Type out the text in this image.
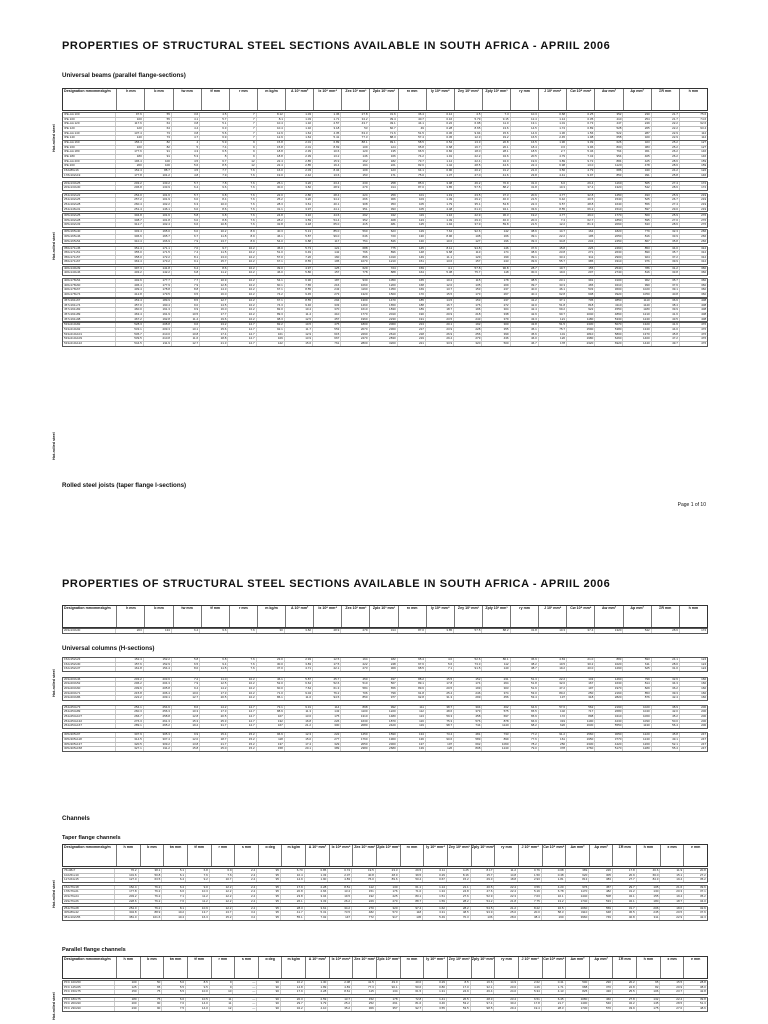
PROPERTIES OF STRUCTURAL STEEL SECTIONS AVAILABLE IN SOUTH AFRICA - APRIIL 2006
Universal beams (parallel flange-sections)
Designation mmxmmxkg/m	h mm	b mm	tw mm	tf mm	r mm	m kg/m	A 10³ mm²	Ix 10⁶ mm⁴	Zex 10³ mm³	Zplx 10³ mm³	rx mm	Iy 10⁶ mm⁴	Zey 10³ mm³	Zply 10³ mm³	ry mm	J 10³ mm⁴	Cw 10⁹ mm⁶	Aw mm²	Ap mm²	ΣR mm	h mm
IPE-AA 100	97.6	55	3.6	4.5	7	8.12	1.03	1.36	27.8	31.6	36.4	0.12	4.5	7.3	10.3	0.68	0.25	352	230	21.7	75.6
IPE 100	100	55	4.1	5.7	7	8.1	1.03	1.71	34.2	39.4	40.7	0.16	5.79	9.15	12.4	1.14	0.35	410	254	21.7	74.6
IPE-AA 120	117.6	64	3.8	5.1	7	10.4	1.32	2.57	43.7	49.1	44.1	0.22	6.98	11.0	13.1	1.01	0.73	447	249	22.2	92.6
IPE 120	120	64	4.4	6.3	7	10.4	1.32	3.18	53	60.7	49	0.28	8.65	13.6	14.5	1.74	0.89	528	265	22.2	93.4
IPE-AA 140	137.4	73	3.8	5.6	7	12.9	1.64	4.35	63.3	71.6	51.5	0.36	9.94	15.6	14.9	1.36	1.56	522	287	22.9	112
IPE 140	140	73	4.7	6.9	7	12.9	1.64	5.41	77.3	88.3	57.4	0.45	12.3	19.2	16.5	2.45	1.98	658	320	22.9	112
IPE-AA 160	156.4	82	4	5.9	9	15.8	2.01	6.89	88.1	99.1	58.5	0.54	13.3	20.8	16.5	1.96	3.09	626	323	25.2	127
IPE 160	160	82	5	7.4	9	15.8	2.01	8.69	109	124	65.8	0.68	16.7	26.1	18.4	3.6	3.96	800	383	25.2	127
IPE-AA 180	177.6	91	4.3	6.5	9	18.8	2.39	10.6	120	135	66.5	0.82	18.0	28.1	18.5	2.7	5.46	764	361	26.2	146
IPE 180	180	91	5.3	8	9	18.8	2.39	13.2	146	166	74.2	1.01	22.2	34.6	20.5	4.79	7.43	954	405	26.2	146
IPE-AA 200	196.4	100	4.5	6.7	12	22.4	2.85	15.9	162	182	73.7	1.12	22.4	34.9	19.9	3.89	9.72	884	425	28.6	159
IPE 200	200	100	5.6	8.5	12	22.4	2.85	19.4	194	221	82.6	1.42	28.5	44.6	22.4	6.98	13.0	1120	478	28.6	159
152x89x16	152.4	88.7	4.5	7.7	7.6	16.0	2.03	8.34	109	123	64.1	0.90	20.2	31.2	21.0	3.56	4.79	686	340	24.2	122
178x102x19	177.8	101.2	4.8	7.9	7.6	19.0	2.42	13.6	153	171	75.0	1.37	27.0	41.6	23.8	4.41	9.97	853	391	25.8	146
203x133x25	203.2	133.2	5.7	7.8	7.6	25.1	3.20	23.4	230	258	85.6	3.08	46.2	70.9	31.0	6.0	29.4	1160	505	27.4	172
203x133x30	206.8	133.9	6.4	9.6	7.6	30.0	3.82	28.9	279	314	87.0	3.85	57.5	88.2	31.8	10.3	37.4	1320	542	28.6	172
254x102x22	254.0	101.6	5.7	6.8	7.6	22.0	2.80	28.4	224	259	101	1.19	23.5	37.3	20.6	4.77	32.8	1450	493	25.9	219
254x102x25	257.2	101.9	6.0	8.4	7.6	25.2	3.20	34.2	266	306	103	1.49	29.2	46.0	21.5	6.42	40.5	1540	525	26.7	219
254x102x28	260.4	102.2	6.3	10.0	7.6	28.3	3.61	40.1	308	353	105	1.79	35.1	54.8	22.3	9.57	48.8	1640	556	27.4	219
254x146x31	251.4	146.1	6.0	8.6	7.6	31.1	3.97	44.1	351	393	105	4.48	61.3	94.1	33.6	8.55	66.2	1510	597	29.0	219
305x102x25	304.8	101.6	5.8	6.8	7.6	24.8	3.16	44.6	292	342	119	1.16	22.9	36.3	19.2	4.77	49.0	1770	560	25.9	276
305x102x28	308.7	101.8	6.0	8.8	7.6	28.2	3.59	54.4	352	408	123	1.49	29.3	46.0	20.3	7.4	62.7	1850	595	27.0	276
305x102x33	312.7	102.4	6.6	10.8	7.6	32.8	4.18	65.0	415	481	125	1.94	37.9	59.8	21.5	12.2	81.3	2060	633	28.6	276
305x165x40	303.4	165.0	6.0	10.2	8.9	40.3	5.13	85.0	560	623	129	7.64	92.6	142	38.6	14.7	164	1820	779	32.3	266
305x165x46	306.6	165.7	6.7	11.8	8.9	46.1	5.87	99.0	646	720	130	8.96	108	166	39.1	22.2	195	2050	816	33.9	266
305x165x54	310.4	166.9	7.9	13.7	8.9	54.0	6.88	117	754	846	130	10.6	127	196	39.3	34.8	234	2450	867	35.8	266
356x171x45	351.4	171.1	7.0	9.7	10.2	45.0	5.73	121	688	775	145	8.11	94.8	146	37.6	15.8	226	2460	853	34.0	312
356x171x51	355.0	171.5	7.4	11.5	10.2	51.0	6.49	142	796	896	148	9.68	113	174	38.6	23.8	271	2630	890	35.7	312
356x171x57	358.0	172.2	8.1	13.0	10.2	57.0	7.26	160	896	1010	149	11.1	129	199	39.1	33.4	311	2900	924	37.2	312
356x171x67	363.4	173.2	9.1	15.7	10.2	67.1	8.55	195	1070	1210	151	13.6	157	243	39.9	55.7	385	3310	976	39.9	312
406x140x39	397.3	141.8	6.4	8.6	10.2	39.0	4.97	125	629	724	159	4.1	57.8	90.8	28.7	10.7	155	2540	786	31.2	360
406x140x46	403.2	142.2	6.8	11.2	10.2	46.0	5.86	157	778	888	164	5.38	75.7	118	30.3	19.0	207	2740	816	33.8	360
406x178x54	402.6	177.7	7.7	10.9	10.2	54.1	6.90	187	930	1050	165	10.2	115	178	38.5	23.1	391	3100	962	35.7	360
406x178x60	406.4	177.9	7.9	12.8	10.2	60.1	7.65	216	1060	1200	168	12.0	135	209	39.7	33.3	465	3210	990	37.6	360
406x178x67	409.4	178.8	8.8	14.3	10.2	67.1	8.55	243	1190	1350	169	13.7	153	237	40.0	46.1	533	3600	1020	39.1	360
406x178x74	412.8	179.5	9.5	16.0	10.2	74.2	9.45	273	1320	1500	170	15.5	173	267	40.4	62.8	608	3920	1050	40.8	360
457x191x67	453.4	189.9	8.5	12.7	10.2	67.1	8.55	294	1300	1470	185	14.5	153	237	41.2	37.1	705	3850	1110	36.6	408
457x191x74	457.0	190.4	9.0	14.5	10.2	74.3	9.46	333	1460	1650	188	16.7	176	272	42.0	51.8	818	4110	1140	38.4	408
457x191x82	460.0	191.3	9.9	16.0	10.2	82.0	10.4	370	1610	1830	189	18.7	196	304	42.4	69.2	922	4550	1180	39.9	408
457x191x89	463.4	191.9	10.5	17.7	10.2	89.3	11.4	410	1770	2010	190	20.9	218	338	42.9	90.7	1040	4860	1210	41.6	408
457x191x98	467.2	192.8	11.4	19.6	10.2	98.3	12.5	457	1960	2230	191	23.5	243	379	43.3	121	1180	5330	1240	43.5	408
533x210x82	528.3	208.8	9.6	13.2	12.7	82.2	10.5	475	1800	2060	213	20.1	192	300	43.8	51.5	1330	5070	1320	41.6	476
533x210x92	533.1	209.3	10.1	15.6	12.7	92.1	11.7	553	2070	2360	217	23.9	228	355	45.1	75.7	1590	5380	1340	44.0	476
533x210x101	536.7	210.0	10.8	17.4	12.7	101	12.9	615	2290	2610	218	26.9	256	399	45.6	101	1810	5800	1370	45.8	476
533x210x109	539.5	210.8	11.6	18.8	12.7	109	13.9	667	2470	2830	219	29.4	279	436	46.0	126	1980	6260	1400	47.2	476
533x210x122	544.5	211.9	12.7	21.3	12.7	122	15.6	761	2800	3200	221	33.9	320	500	46.7	178	2320	6920	1440	49.7	476
Rolled steel joists (taper flange I-sections)
Page 1 of 10
Hot-rolled steel
Hot-rolled steel
Hot-rolled steel
PROPERTIES OF STRUCTURAL STEEL SECTIONS AVAILABLE IN SOUTH AFRICA - APRIIL 2006
Designation mmxmmxkg/m	h mm	b mm	tw mm	tf mm	r mm	m kg/m	A 10³ mm²	Ix 10⁶ mm⁴	Zex 10³ mm³	Zplx 10³ mm³	rx mm	Iy 10⁶ mm⁴	Zey 10³ mm³	Zply 10³ mm³	ry mm	J 10³ mm⁴	Cw 10⁹ mm⁶	Aw mm²	Ap mm²	ΣR mm	h mm
203x133x30	203	134	6.4	9.6	7.6	30	3.82	28.9	279	314	87.0	3.85	57.5	88.2	31.8	10.3	37.4	1320	542	28.6	172
Universal columns (H-sections)
152x152x23	152.4	152.2	5.8	6.8	7.6	23.0	2.93	12.5	164	182	65.4	4.0	52.6	80.1	36.9	4.63	21.0	883	593	24.1	124
152x152x30	157.6	152.9	6.5	9.4	7.6	30.0	3.83	17.5	222	248	67.6	5.6	73.3	112	38.2	10.5	30.2	1020	611	28.0	124
152x152x37	161.8	154.4	8.0	11.5	7.6	37.0	4.71	22.1	273	309	68.5	7.1	91.5	140	38.7	19.2	40.0	1290	625	31.0	124
203x203x46	203.2	203.6	7.2	11.0	10.2	46.1	5.87	45.7	450	497	88.2	15.5	152	231	51.3	22.2	143	1460	799	32.6	160
203x203x52	206.2	204.3	7.9	12.5	10.2	52.0	6.64	52.6	510	567	89.1	17.8	174	264	51.8	32.0	167	1630	814	34.3	160
203x203x60	209.6	205.8	9.4	14.2	10.2	60.0	7.64	61.3	584	656	89.6	20.5	199	303	51.9	47.2	197	1970	829	36.2	160
203x203x71	215.8	206.4	10.0	17.3	10.2	71.0	9.04	76.2	706	799	91.8	25.4	246	374	53.0	80.2	250	2160	853	39.3	160
203x203x86	222.2	209.1	12.7	20.5	10.2	86.1	11.0	94.5	850	977	92.8	31.3	299	456	53.4	137	318	2820	876	42.4	160
254x254x73	254.1	254.6	8.6	14.2	12.7	73.1	9.31	114	898	992	111	38.7	304	462	64.6	57.6	562	2190	1020	38.9	200
254x254x89	260.3	256.3	10.3	17.3	12.7	88.9	11.3	143	1100	1220	112	48.6	379	575	65.5	102	717	2680	1040	42.0	200
254x254x107	266.7	258.8	12.8	20.5	12.7	107	13.6	175	1310	1480	113	59.3	458	697	65.9	172	898	3410	1060	45.2	200
254x254x132	276.3	261.3	15.3	25.3	12.7	132	16.8	226	1630	1870	116	75.3	576	878	66.9	319	1190	4230	1090	50.0	200
254x254x167	289.1	265.2	19.2	31.7	12.7	167	21.2	300	2080	2420	119	98.7	744	1140	68.2	626	1630	5550	1130	56.4	200
305x305x97	307.9	305.3	9.9	15.4	15.2	96.9	12.3	222	1450	1590	134	73.4	481	733	77.2	91.2	1560	3050	1220	45.8	247
305x305x118	314.5	307.4	12.0	18.7	15.2	118	15.0	277	1760	1960	136	90.6	589	899	77.6	161	1950	3770	1240	49.1	247
305x305x137	320.5	309.2	13.8	21.7	15.2	137	17.4	329	2050	2300	137	107	692	1060	78.2	250	2330	4420	1260	52.1	247
305x305x158	327.1	311.2	15.8	25.0	15.2	158	20.1	389	2380	2680	139	126	808	1240	79.0	378	2760	5170	1280	55.4	247
Channels
Taper flange channels
Designation mmxmmxkg/m	h mm	b mm	tw mm	tf mm	r mm	s mm	α deg	m kg/m	A 10³ mm²	Ix 10⁶ mm⁴	Zex 10³ mm³ Zplx 10³ mm³	rx mm	Iy 10⁶ mm⁴	Zey 10³ mm³ Zply 10³ mm³	ry mm	J 10³ mm⁴	Cw 10⁹ mm⁶	Aw mm²	Ap mm²	ΣR mm	h mm	x mm	e mm
76x38x7	76.2	38.1	5.1	6.8	6.9	2.4	95	6.70	0.85	0.74	19.5	23.3	29.5	0.11	4.25	8.17	11.2	0.76	0.08	389	226	17.8	46.6	11.9	20.8
102x51x10	101.6	50.8	6.1	7.6	7.6	2.4	95	10.4	1.33	2.07	40.8	48.0	39.5	0.29	8.16	15.7	14.8	1.50	0.48	620	305	20.9	66.0	15.1	27.2
127x64x15	127.0	63.5	6.4	9.2	10.7	2.4	95	14.9	1.90	4.83	76.0	89.6	50.4	0.67	15.2	29.3	18.8	2.93	1.81	813	383	27.7	84.3	19.4	35.2
152x76x18	152.4	76.2	6.4	9.0	12.2	2.4	95	17.9	2.28	8.51	112	130	61.1	1.14	21.1	40.5	22.4	3.56	4.20	976	457	29.7	105	21.6	39.6
178x76x21	177.8	76.2	6.6	10.3	12.2	2.4	95	20.8	2.66	13.4	151	176	71.0	1.34	24.8	47.6	22.4	5.19	6.78	1170	482	31.2	130	20.3	37.1
203x76x24	203.2	76.2	7.1	11.2	12.2	2.4	95	23.8	3.04	19.5	192	225	80.1	1.51	27.6	52.9	22.3	7.03	10.1	1440	508	32.1	155	19.4	35.2
229x76x26	228.6	76.2	7.6	11.2	12.2	2.4	95	26.1	3.33	26.2	229	270	88.7	1.59	28.2	54.2	21.8	7.75	13.2	1740	533	32.1	180	18.7	34.0
254x76x28	254.0	76.2	8.1	10.9	12.2	2.4	95	28.3	3.61	34.2	270	320	97.4	1.62	28.2	54.5	21.2	8.22	16.5	2060	559	31.7	206	18.0	32.6
305x89x42	304.8	88.9	10.2	13.7	13.7	3.2	95	41.7	5.31	73.5	482	573	118	3.31	48.5	93.9	25.0	20.0	58.3	3110	648	36.5	245	20.5	37.6
381x102x55	381.0	101.6	10.4	16.3	15.2	3.2	95	55.1	7.02	147	772	917	145	5.49	70.3	136	28.0	38.4	160	3960	749	40.8	311	22.9	42.3
Parallel flange channels
Designation mmxmmxkg/m	h mm	b mm	tw mm	tf mm	r mm	s mm	α deg	m kg/m	A 10³ mm²	Ix 10⁶ mm⁴	Zex 10³ mm³ Zplx 10³ mm³	rx mm	Iy 10⁶ mm⁴	Zey 10³ mm³ Zply 10³ mm³	ry mm	J 10³ mm⁴	Cw 10⁹ mm⁶	Aw mm²	Ap mm²	ΣR mm	h mm	x mm	e mm
PFC 100x50	100	50	5.0	8.5	9	—	90	10.2	1.30	2.08	41.5	49.0	40.0	0.29	8.5	16.6	14.9	2.62	0.41	500	290	20.2	65	15.5	28.8
PFC 125x65	125	65	5.5	9.5	9	—	90	14.8	1.89	4.83	77.3	90.1	50.6	0.80	17.0	32.1	20.6	4.26	1.71	688	370	22.8	82	20.9	38.0
PFC 150x75	150	75	5.5	10.0	10	—	90	17.9	2.28	8.61	115	134	61.5	1.31	24.9	46.4	24.0	5.34	4.13	825	430	25.5	106	23.7	42.8
PFC 180x75	180	75	6.0	10.5	11	—	90	20.3	2.59	13.7	152	178	72.8	1.41	26.5	48.3	23.4	6.51	6.45	1080	460	27.8	132	22.4	39.8
PFC 200x90	200	90	7.0	14.0	11	—	90	29.7	3.79	25.2	252	291	81.6	3.46	53.2	97.4	30.2	17.8	21.7	1400	540	32.2	145	28.5	51.3
PFC 230x90	230	90	7.5	14.0	12	—	90	32.2	4.10	35.2	306	357	92.7	3.55	53.5	98.5	29.4	19.4	28.3	1730	570	33.9	175	27.0	48.6
Hot-rolled steel
Hot-rolled steel
Hot-rolled steel
